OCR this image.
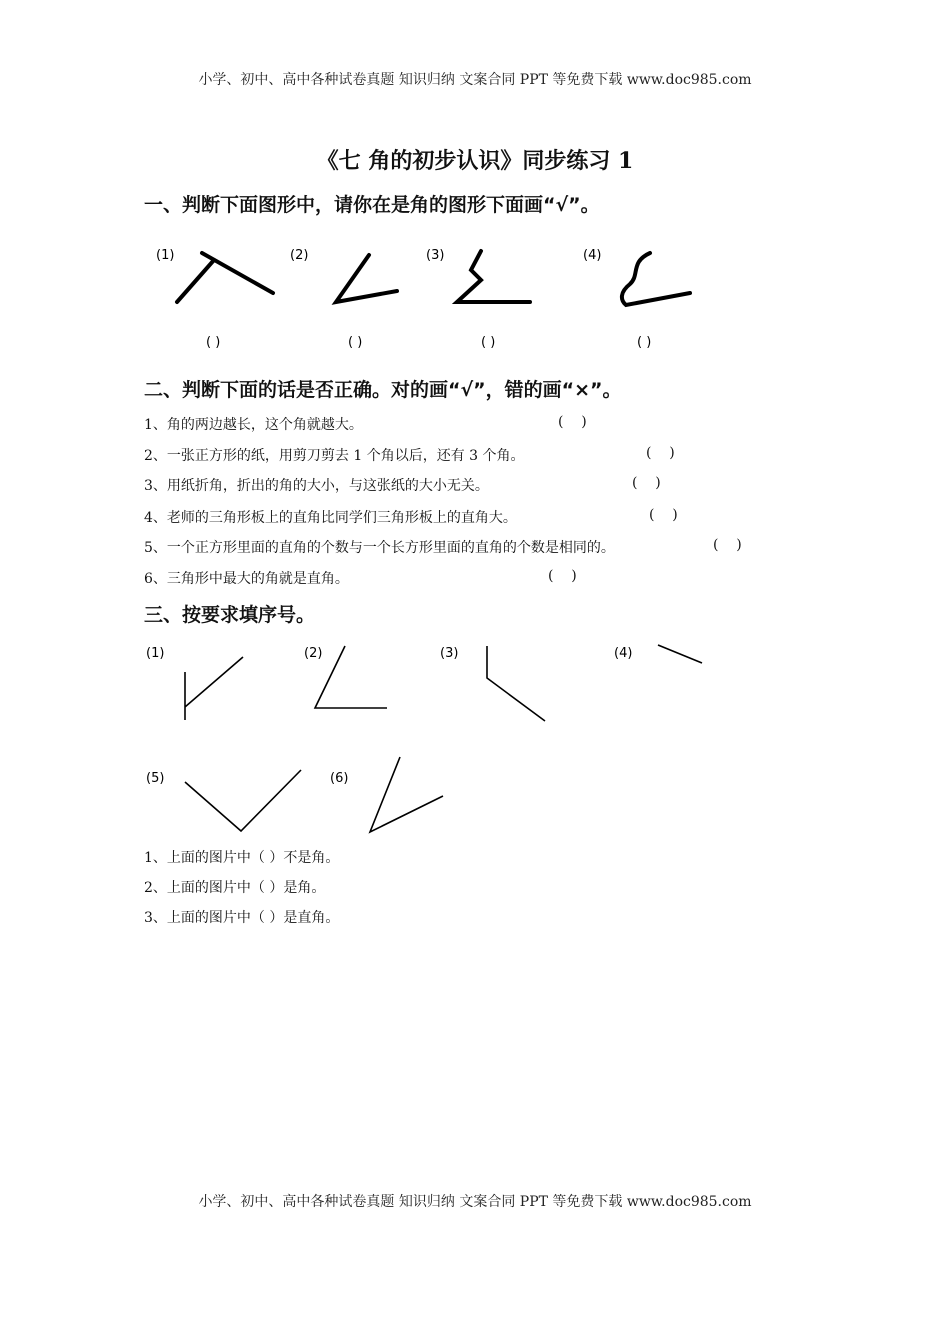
小学、初中、高中各种试卷真题 知识归纳 文案合同 PPT 等免费下载 www.doc985.com
《七 角的初步认识》同步练习 1
一、判断下面图形中，请你在是角的图形下面画“√”。
(1)	(2)	(3)	(4)
( )	( )	( )	( )
二、判断下面的话是否正确。对的画“√”，错的画“×”。
1、角的两边越长，这个角就越大。	(    )
2、一张正方形的纸，用剪刀剪去 1 个角以后，还有 3 个角。	(    )
3、用纸折角，折出的角的大小，与这张纸的大小无关。	(    )
4、老师的三角形板上的直角比同学们三角形板上的直角大。	(    )
5、一个正方形里面的直角的个数与一个长方形里面的直角的个数是相同的。	(    )
6、三角形中最大的角就是直角。	(    )
三、按要求填序号。
(1)	(2)	(3)	(4)
(5)	(6)
1、上面的图片中（ ）不是角。
2、上面的图片中（ ）是角。
3、上面的图片中（ ）是直角。
小学、初中、高中各种试卷真题 知识归纳 文案合同 PPT 等免费下载 www.doc985.com
